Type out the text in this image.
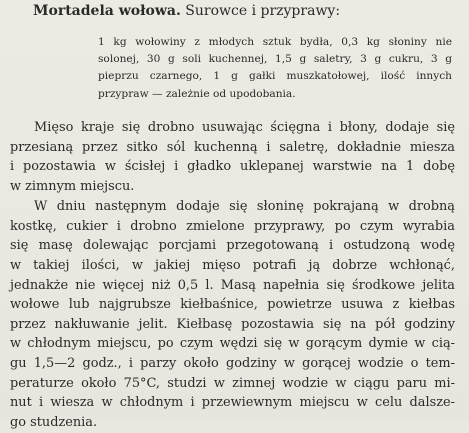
Mortadela wołowa. Surowce i przyprawy:
1 kg wołowiny z młodych sztuk bydła, 0,3 kg słoniny nie
solonej, 30 g soli kuchennej, 1,5 g saletry, 3 g cukru, 3 g
pieprzu czarnego, 1 g gałki muszkatołowej, ilość innych
przypraw — zależnie od upodobania.
Mięso kraje się drobno usuwając ścięgna i błony, dodaje się
przesianą przez sitko sól kuchenną i saletrę, dokładnie miesza
i pozostawia w ścisłej i gładko uklepanej warstwie na 1 dobę
w zimnym miejscu.
W dniu następnym dodaje się słoninę pokrajaną w drobną
kostkę, cukier i drobno zmielone przyprawy, po czym wyrabia
się masę dolewając porcjami przegotowaną i ostudzoną wodę
w takiej ilości, w jakiej mięso potrafi ją dobrze wchłonąć,
jednakże nie więcej niż 0,5 l. Masą napełnia się środkowe jelita
wołowe lub najgrubsze kiełbaśnice, powietrze usuwa z kiełbas
przez nakłuwanie jelit. Kiełbasę pozostawia się na pół godziny
w chłodnym miejscu, po czym wędzi się w gorącym dymie w cią-
gu 1,5—2 godz., i parzy około godziny w gorącej wodzie o tem-
peraturze około 75°C, studzi w zimnej wodzie w ciągu paru mi-
nut i wiesza w chłodnym i przewiewnym miejscu w celu dalsze-
go studzenia.
